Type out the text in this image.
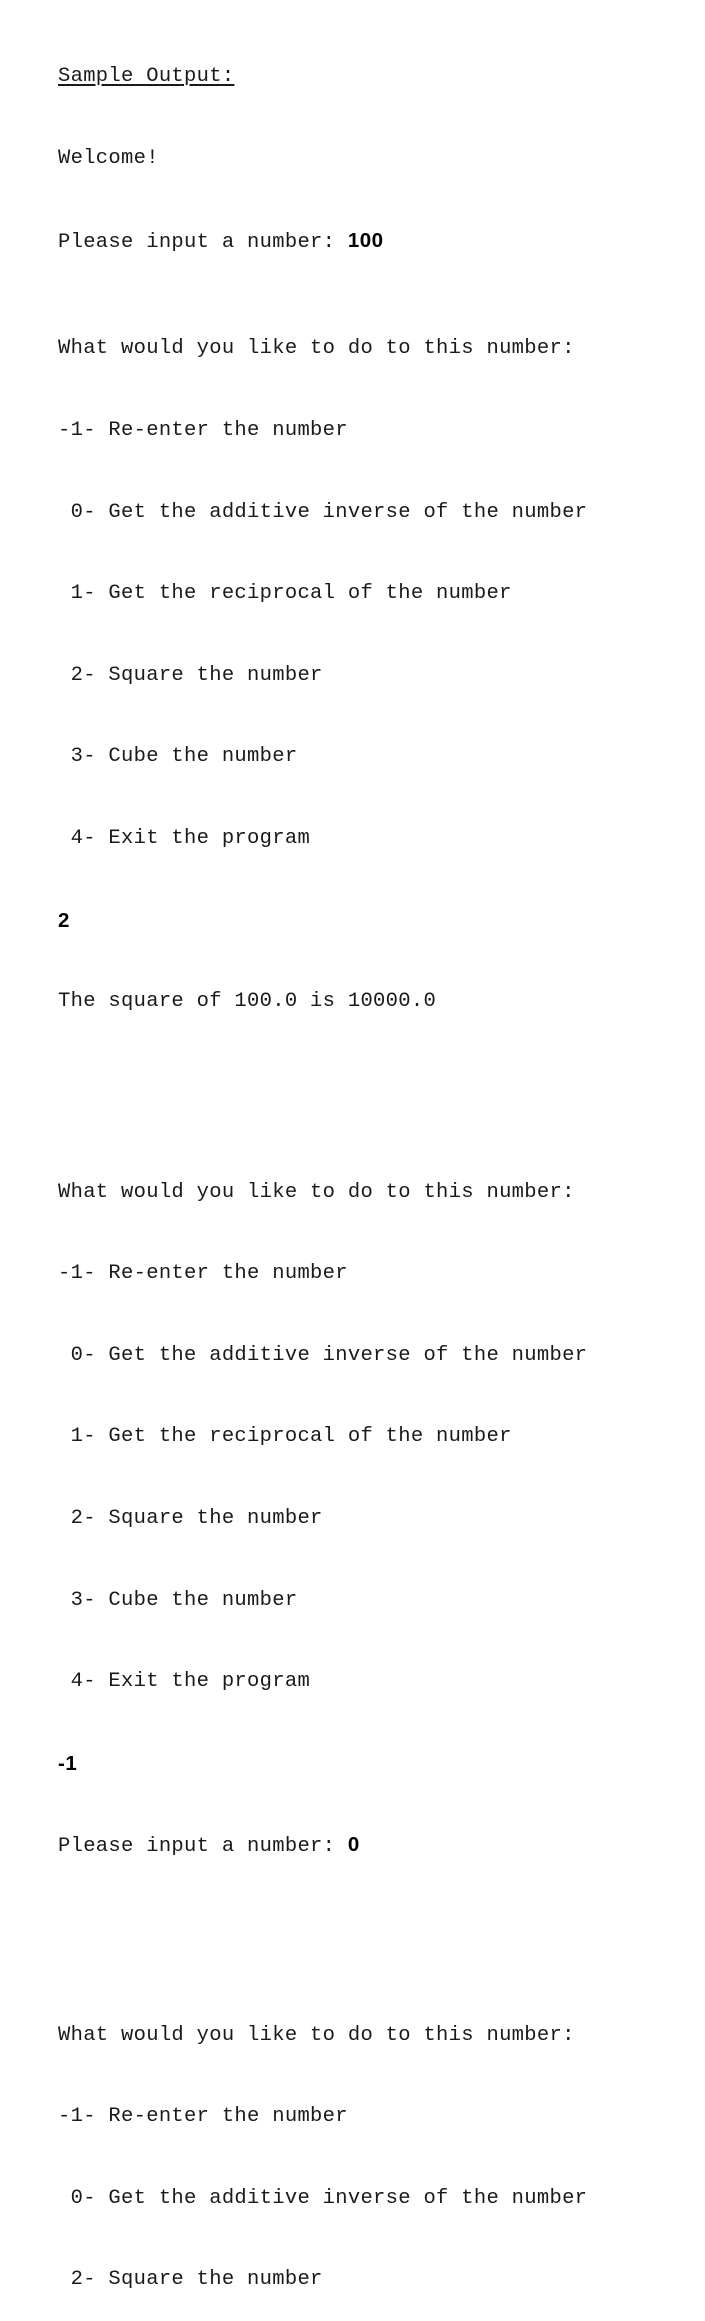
Sample Output:

Welcome!

Please input a number: 100

What would you like to do to this number:

-1- Re-enter the number

0- Get the additive inverse of the number

1- Get the reciprocal of the number

2- Square the number

3- Cube the number

4- Exit the program

2

The square of 100.0 is 10000.0

What would you like to do to this number:

-1- Re-enter the number

0- Get the additive inverse of the number

1- Get the reciprocal of the number

2- Square the number

3- Cube the number

4- Exit the program

-1

Please input a number: 0

What would you like to do to this number:

-1- Re-enter the number

0- Get the additive inverse of the number

2- Square the number
